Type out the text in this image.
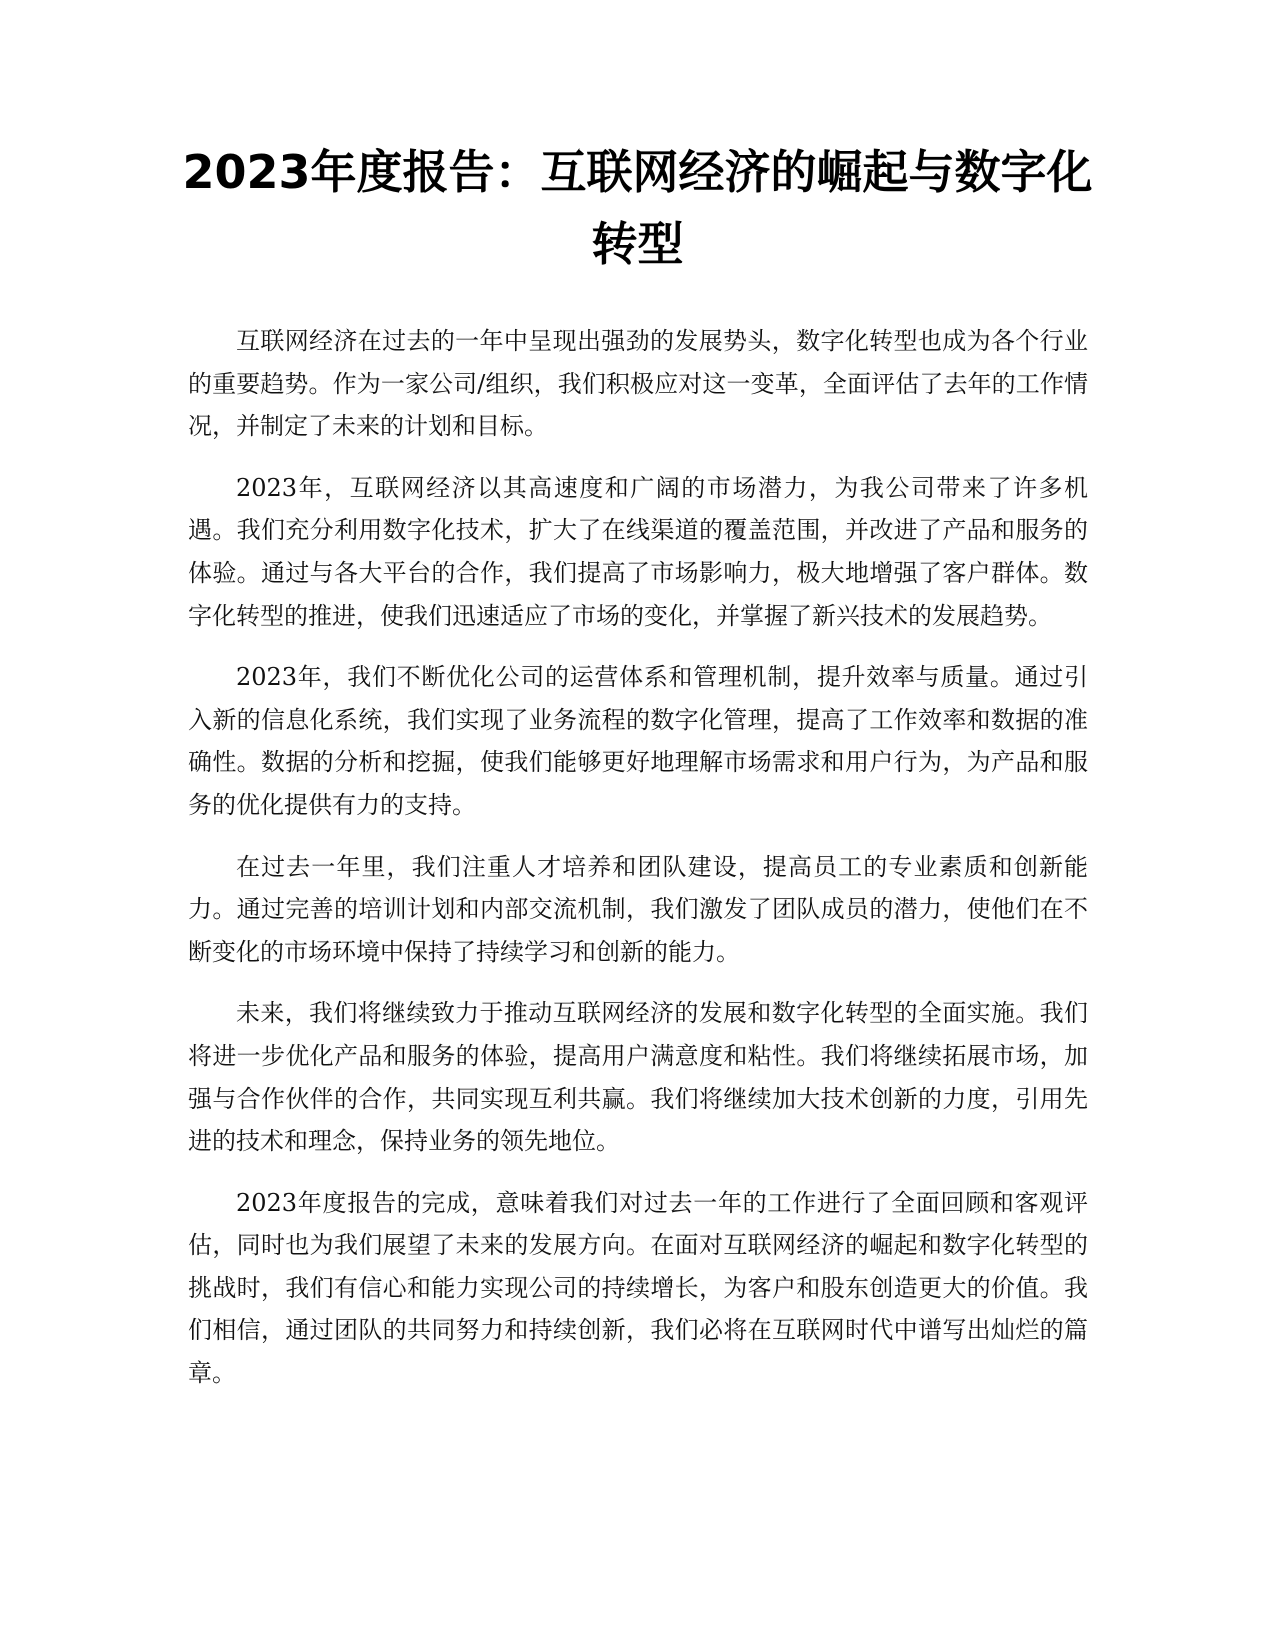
2023年度报告：互联网经济的崛起与数字化转型

互联网经济在过去的一年中呈现出强劲的发展势头，数字化转型也成为各个行业的重要趋势。作为一家公司/组织，我们积极应对这一变革，全面评估了去年的工作情况，并制定了未来的计划和目标。

2023年，互联网经济以其高速度和广阔的市场潜力，为我公司带来了许多机遇。我们充分利用数字化技术，扩大了在线渠道的覆盖范围，并改进了产品和服务的体验。通过与各大平台的合作，我们提高了市场影响力，极大地增强了客户群体。数字化转型的推进，使我们迅速适应了市场的变化，并掌握了新兴技术的发展趋势。

2023年，我们不断优化公司的运营体系和管理机制，提升效率与质量。通过引入新的信息化系统，我们实现了业务流程的数字化管理，提高了工作效率和数据的准确性。数据的分析和挖掘，使我们能够更好地理解市场需求和用户行为，为产品和服务的优化提供有力的支持。

在过去一年里，我们注重人才培养和团队建设，提高员工的专业素质和创新能力。通过完善的培训计划和内部交流机制，我们激发了团队成员的潜力，使他们在不断变化的市场环境中保持了持续学习和创新的能力。

未来，我们将继续致力于推动互联网经济的发展和数字化转型的全面实施。我们将进一步优化产品和服务的体验，提高用户满意度和粘性。我们将继续拓展市场，加强与合作伙伴的合作，共同实现互利共赢。我们将继续加大技术创新的力度，引用先进的技术和理念，保持业务的领先地位。

2023年度报告的完成，意味着我们对过去一年的工作进行了全面回顾和客观评估，同时也为我们展望了未来的发展方向。在面对互联网经济的崛起和数字化转型的挑战时，我们有信心和能力实现公司的持续增长，为客户和股东创造更大的价值。我们相信，通过团队的共同努力和持续创新，我们必将在互联网时代中谱写出灿烂的篇章。
